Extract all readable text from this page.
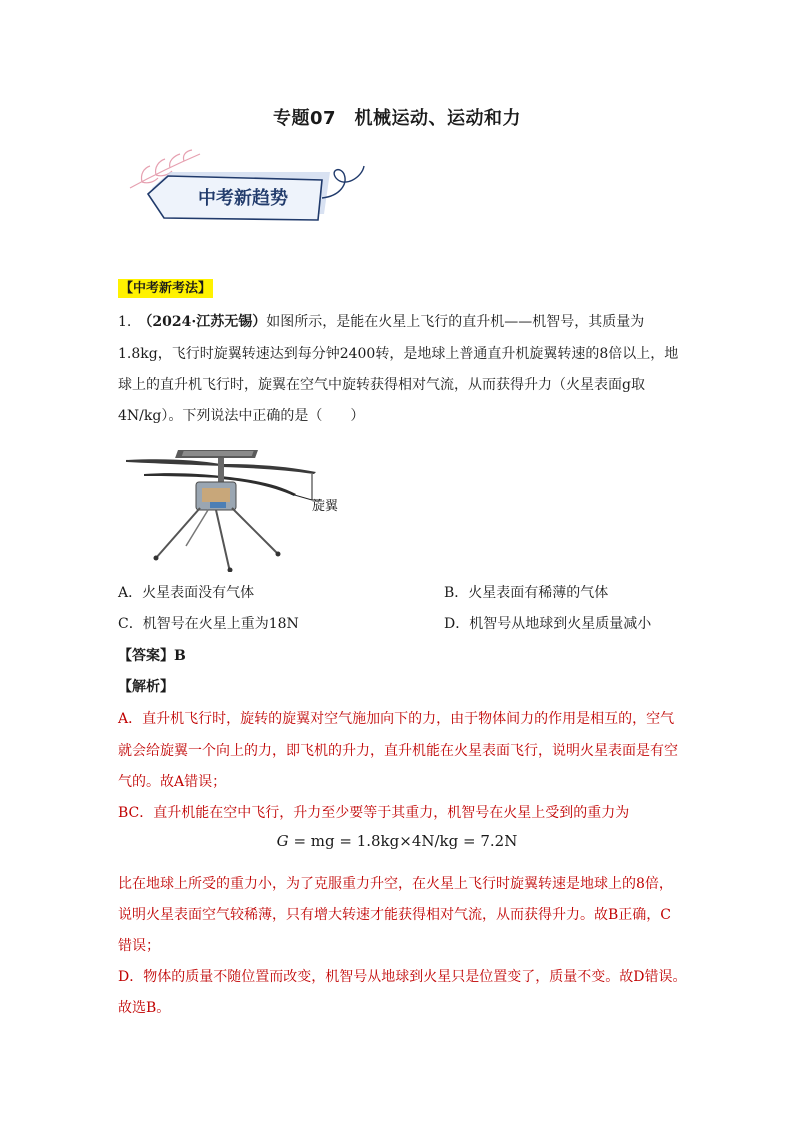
专题07　机械运动、运动和力
中考新趋势
【中考新考法】
1.  （2024·江苏无锡）如图所示，是能在火星上飞行的直升机——机智号，其质量为
1.8kg，飞行时旋翼转速达到每分钟2400转，是地球上普通直升机旋翼转速的8倍以上，地
球上的直升机飞行时，旋翼在空气中旋转获得相对气流，从而获得升力（火星表面g取
4N/kg）。下列说法中正确的是（　　）
旋翼
A．火星表面没有气体	B．火星表面有稀薄的气体
C．机智号在火星上重为18N	D．机智号从地球到火星质量减小
【答案】B
【解析】
A．直升机飞行时，旋转的旋翼对空气施加向下的力，由于物体间力的作用是相互的，空气
就会给旋翼一个向上的力，即飞机的升力，直升机能在火星表面飞行，说明火星表面是有空
气的。故A错误；
BC．直升机能在空中飞行，升力至少要等于其重力，机智号在火星上受到的重力为
G = mg = 1.8kg×4N/kg = 7.2N
比在地球上所受的重力小，为了克服重力升空，在火星上飞行时旋翼转速是地球上的8倍，
说明火星表面空气较稀薄，只有增大转速才能获得相对气流，从而获得升力。故B正确，C
错误；
D．物体的质量不随位置而改变，机智号从地球到火星只是位置变了，质量不变。故D错误。
故选B。
